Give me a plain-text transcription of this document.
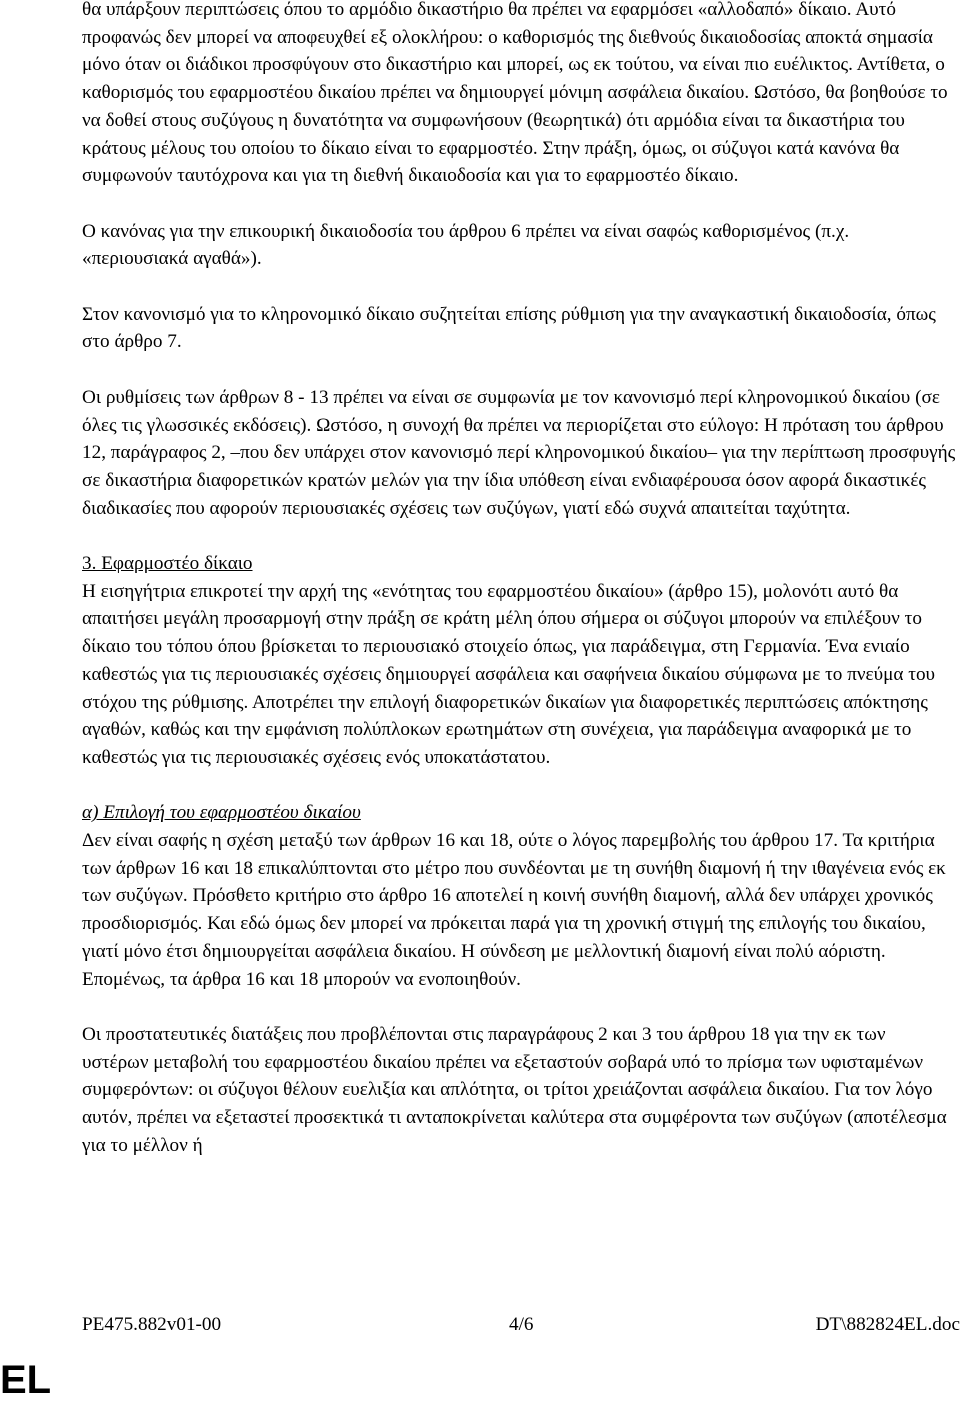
θα υπάρξουν περιπτώσεις όπου το αρμόδιο δικαστήριο θα πρέπει να εφαρμόσει «αλλοδαπό» δίκαιο. Αυτό προφανώς δεν μπορεί να αποφευχθεί εξ ολοκλήρου: ο καθορισμός της διεθνούς δικαιοδοσίας αποκτά σημασία μόνο όταν οι διάδικοι προσφύγουν στο δικαστήριο και μπορεί, ως εκ τούτου, να είναι πιο ευέλικτος. Αντίθετα, ο καθορισμός του εφαρμοστέου δικαίου πρέπει να δημιουργεί μόνιμη ασφάλεια δικαίου. Ωστόσο, θα βοηθούσε το να δοθεί στους συζύγους η δυνατότητα να συμφωνήσουν (θεωρητικά) ότι αρμόδια είναι τα δικαστήρια του κράτους μέλους του οποίου το δίκαιο είναι το εφαρμοστέο. Στην πράξη, όμως, οι σύζυγοι κατά κανόνα θα συμφωνούν ταυτόχρονα και για τη διεθνή δικαιοδοσία και για το εφαρμοστέο δίκαιο.

Ο κανόνας για την επικουρική δικαιοδοσία του άρθρου 6 πρέπει να είναι σαφώς καθορισμένος (π.χ. «περιουσιακά αγαθά»).

Στον κανονισμό για το κληρονομικό δίκαιο συζητείται επίσης ρύθμιση για την αναγκαστική δικαιοδοσία, όπως στο άρθρο 7.

Οι ρυθμίσεις των άρθρων 8 - 13 πρέπει να είναι σε συμφωνία με τον κανονισμό περί κληρονομικού δικαίου (σε όλες τις γλωσσικές εκδόσεις). Ωστόσο, η συνοχή θα πρέπει να περιορίζεται στο εύλογο: Η πρόταση του άρθρου 12, παράγραφος 2, –που δεν υπάρχει στον κανονισμό περί κληρονομικού δικαίου– για την περίπτωση προσφυγής σε δικαστήρια διαφορετικών κρατών μελών για την ίδια υπόθεση είναι ενδιαφέρουσα όσον αφορά δικαστικές διαδικασίες που αφορούν περιουσιακές σχέσεις των συζύγων, γιατί εδώ συχνά απαιτείται ταχύτητα.

3. Εφαρμοστέο δίκαιο

Η εισηγήτρια επικροτεί την αρχή της «ενότητας του εφαρμοστέου δικαίου» (άρθρο 15), μολονότι αυτό θα απαιτήσει μεγάλη προσαρμογή στην πράξη σε κράτη μέλη όπου σήμερα οι σύζυγοι μπορούν να επιλέξουν το δίκαιο του τόπου όπου βρίσκεται το περιουσιακό στοιχείο όπως, για παράδειγμα, στη Γερμανία. Ένα ενιαίο καθεστώς για τις περιουσιακές σχέσεις δημιουργεί ασφάλεια και σαφήνεια δικαίου σύμφωνα με το πνεύμα του στόχου της ρύθμισης. Αποτρέπει την επιλογή διαφορετικών δικαίων για διαφορετικές περιπτώσεις απόκτησης αγαθών, καθώς και την εμφάνιση πολύπλοκων ερωτημάτων στη συνέχεια, για παράδειγμα αναφορικά με το καθεστώς για τις περιουσιακές σχέσεις ενός υποκατάστατου.

α) Επιλογή του εφαρμοστέου δικαίου

Δεν είναι σαφής η σχέση μεταξύ των άρθρων 16 και 18, ούτε ο λόγος παρεμβολής του άρθρου 17. Τα κριτήρια των άρθρων 16 και 18 επικαλύπτονται στο μέτρο που συνδέονται με τη συνήθη διαμονή ή την ιθαγένεια ενός εκ των συζύγων. Πρόσθετο κριτήριο στο άρθρο 16 αποτελεί η κοινή συνήθη διαμονή, αλλά δεν υπάρχει χρονικός προσδιορισμός. Και εδώ όμως δεν μπορεί να πρόκειται παρά για τη χρονική στιγμή της επιλογής του δικαίου, γιατί μόνο έτσι δημιουργείται ασφάλεια δικαίου. Η σύνδεση με μελλοντική διαμονή είναι πολύ αόριστη. Επομένως, τα άρθρα 16 και 18 μπορούν να ενοποιηθούν.

Οι προστατευτικές διατάξεις που προβλέπονται στις παραγράφους 2 και 3 του άρθρου 18 για την εκ των υστέρων μεταβολή του εφαρμοστέου δικαίου πρέπει να εξεταστούν σοβαρά υπό το πρίσμα των υφισταμένων συμφερόντων: οι σύζυγοι θέλουν ευελιξία και απλότητα, οι τρίτοι χρειάζονται ασφάλεια δικαίου. Για τον λόγο αυτόν, πρέπει να εξεταστεί προσεκτικά τι ανταποκρίνεται καλύτερα στα συμφέροντα των συζύγων (αποτέλεσμα για το μέλλον ή

PE475.882v01-00	4/6	DT\882824EL.doc
EL
